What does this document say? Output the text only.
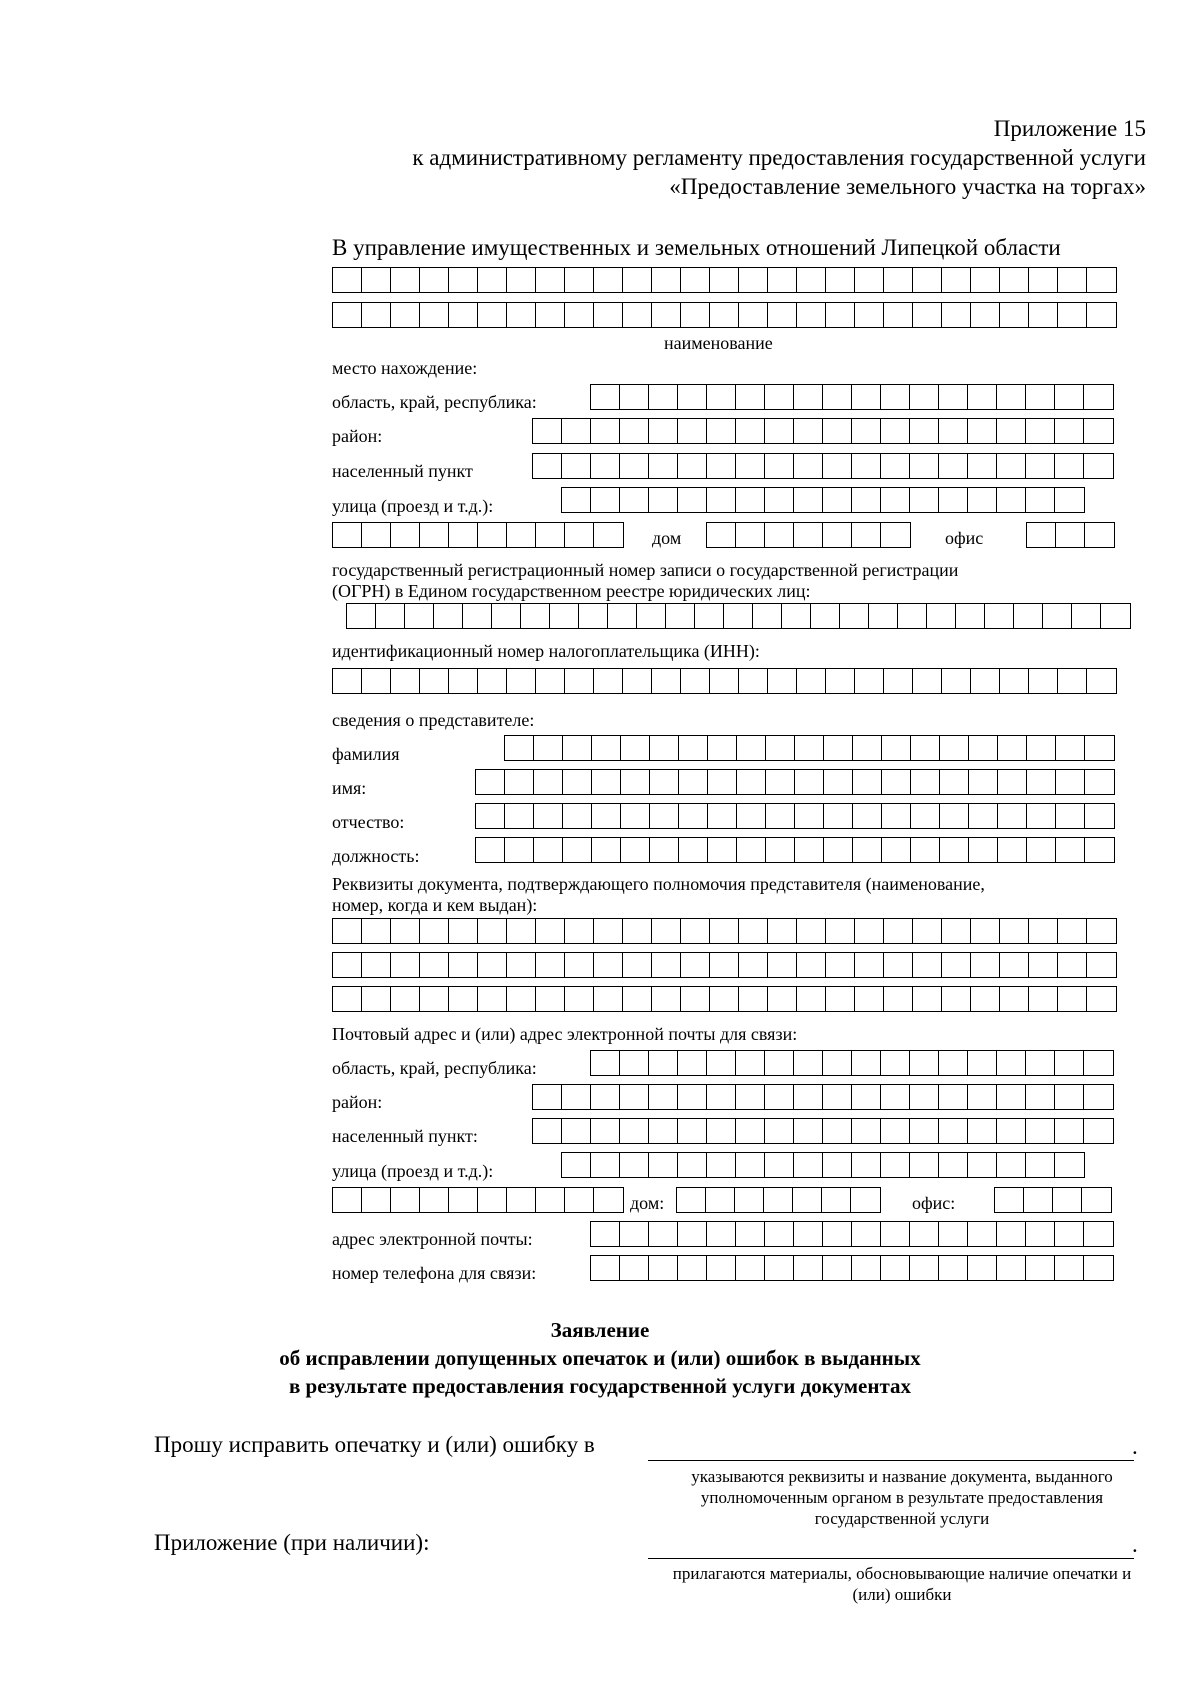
Приложение 15
к административному регламенту предоставления государственной услуги
«Предоставление земельного участка на торгах»
В управление имущественных и земельных отношений Липецкой области
наименование
место нахождение:
область, край, республика:
район:
населенный пункт
улица (проезд и т.д.):
дом	офис
государственный регистрационный номер записи о государственной регистрации
(ОГРН) в Едином государственном реестре юридических лиц:
идентификационный номер налогоплательщика (ИНН):
сведения о представителе:
фамилия
имя:
отчество:
должность:
Реквизиты документа, подтверждающего полномочия представителя (наименование,
номер, когда и кем выдан):
Почтовый адрес и (или) адрес электронной почты для связи:
область, край, республика:
район:
населенный пункт:
улица (проезд и т.д.):
дом:	офис:
адрес электронной почты:
номер телефона для связи:
Заявление
об исправлении допущенных опечаток и (или) ошибок в выданных
в результате предоставления государственной услуги документах
Прошу исправить опечатку и (или) ошибку в	.
указываются реквизиты и название документа, выданного уполномоченным органом в результате предоставления государственной услуги
Приложение (при наличии):	.
прилагаются материалы, обосновывающие наличие опечатки и (или) ошибки
